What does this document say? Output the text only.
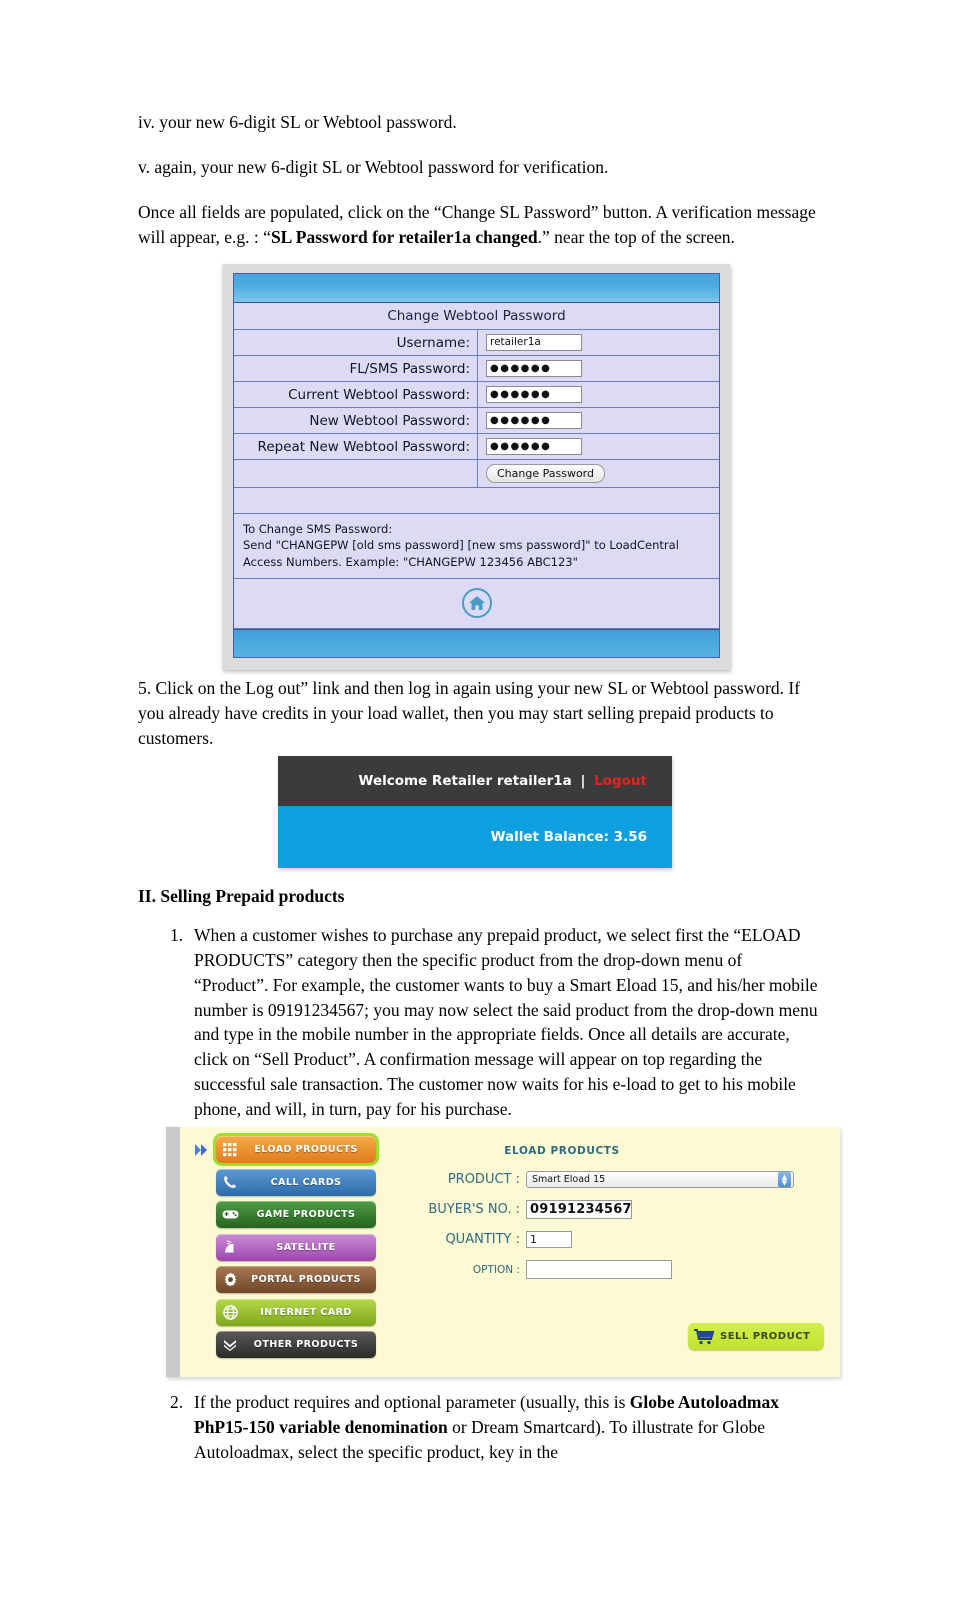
iv. your new 6-digit SL or Webtool password.

v. again, your new 6-digit SL or Webtool password for verification.

Once all fields are populated, click on the “Change SL Password” button. A verification message will appear, e.g. : “SL Password for retailer1a changed.” near the top of the screen.

Change Webtool Password
Username:	retailer1a
FL/SMS Password:	●●●●●●
Current Webtool Password:	●●●●●●
New Webtool Password:	●●●●●●
Repeat New Webtool Password:	●●●●●●
Change Password
To Change SMS Password:
Send "CHANGEPW [old sms password] [new sms password]" to LoadCentral
Access Numbers. Example: "CHANGEPW 123456 ABC123"

5. Click on the Log out” link and then log in again using your new SL or Webtool password. If you already have credits in your load wallet, then you may start selling prepaid products to customers.

Welcome Retailer retailer1a | Logout
Wallet Balance: 3.56
II. Selling Prepaid products
1. When a customer wishes to purchase any prepaid product, we select first the “ELOAD PRODUCTS” category then the specific product from the drop-down menu of “Product”. For example, the customer wants to buy a Smart Eload 15, and his/her mobile number is 09191234567; you may now select the said product from the drop-down menu and type in the mobile number in the appropriate fields. Once all details are accurate, click on “Sell Product”. A confirmation message will appear on top regarding the successful sale transaction. The customer now waits for his e-load to get to his mobile phone, and will, in turn, pay for his purchase.
ELOAD PRODUCTS
CALL CARDS
GAME PRODUCTS
SATELLITE
PORTAL PRODUCTS
INTERNET CARD
OTHER PRODUCTS
ELOAD PRODUCTS
PRODUCT :	Smart Eload 15	▲
▼
BUYER'S NO. : 09191234567
QUANTITY : 1
OPTION :
SELL PRODUCT
2. If the product requires and optional parameter (usually, this is Globe Autoloadmax PhP15-150 variable denomination or Dream Smartcard). To illustrate for Globe Autoloadmax, select the specific product, key in the
